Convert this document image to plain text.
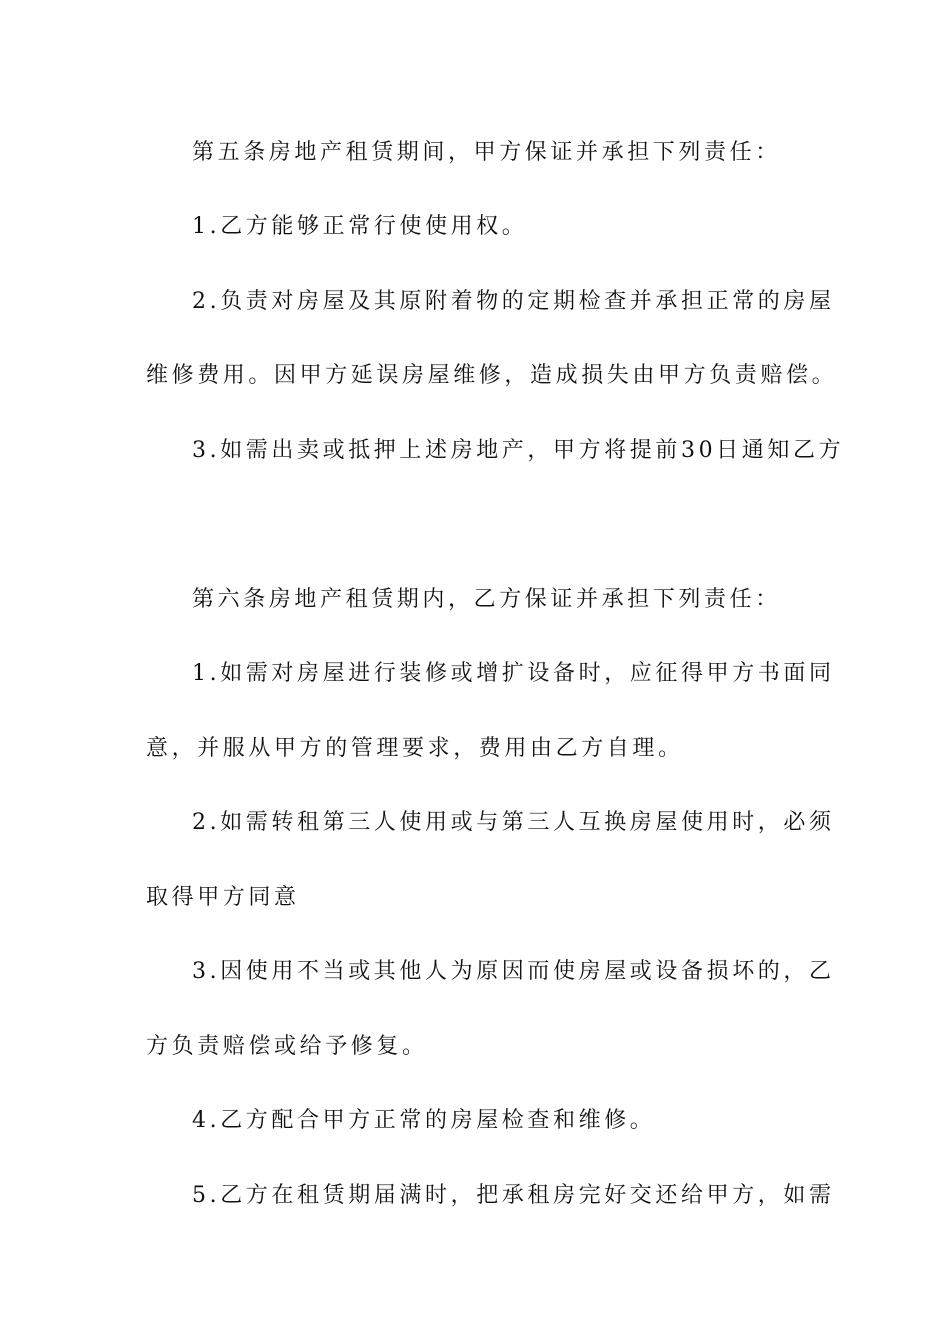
第五条房地产租赁期间，甲方保证并承担下列责任：
1.乙方能够正常行使使用权。
2.负责对房屋及其原附着物的定期检查并承担正常的房屋
维修费用。因甲方延误房屋维修，造成损失由甲方负责赔偿。
3.如需出卖或抵押上述房地产，甲方将提前30日通知乙方
第六条房地产租赁期内，乙方保证并承担下列责任：
1.如需对房屋进行装修或增扩设备时，应征得甲方书面同
意，并服从甲方的管理要求，费用由乙方自理。
2.如需转租第三人使用或与第三人互换房屋使用时，必须
取得甲方同意
3.因使用不当或其他人为原因而使房屋或设备损坏的，乙
方负责赔偿或给予修复。
4.乙方配合甲方正常的房屋检查和维修。
5.乙方在租赁期届满时，把承租房完好交还给甲方，如需
